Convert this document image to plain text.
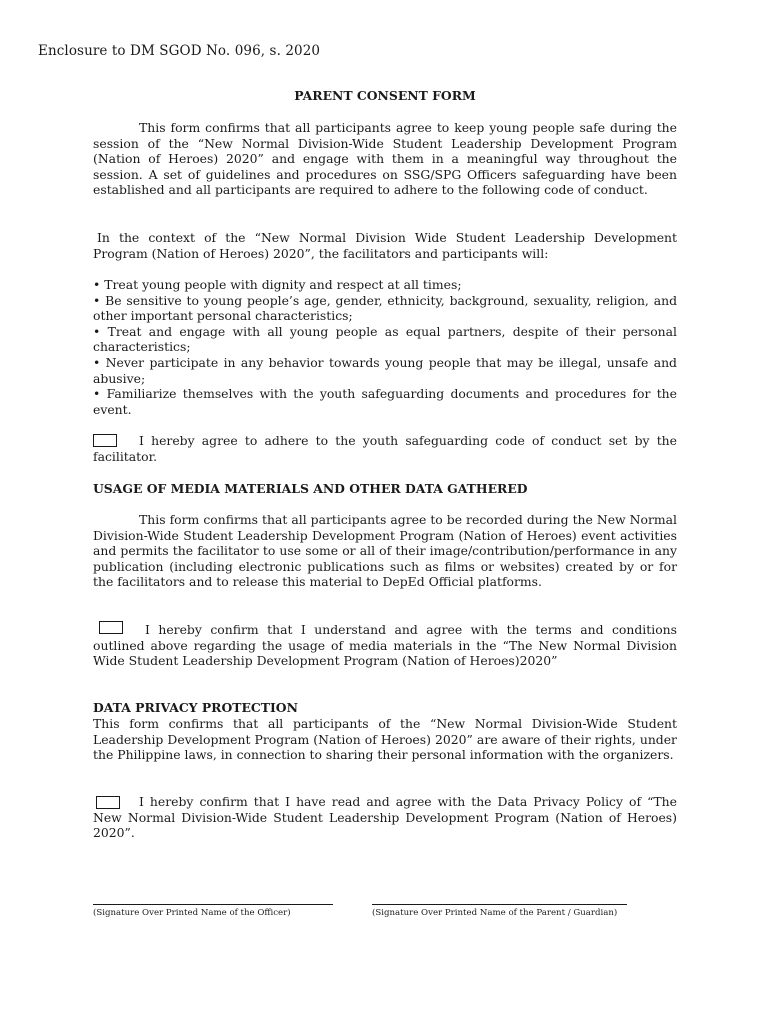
Enclosure to DM SGOD No. 096, s. 2020
PARENT CONSENT FORM
This form confirms that all participants agree to keep young people safe during the session of the “New Normal Division-Wide Student Leadership Development Program (Nation of Heroes) 2020” and engage with them in a meaningful way throughout the session. A set of guidelines and procedures on SSG/SPG Officers safeguarding have been established and all participants are required to adhere to the following code of conduct.
In the context of the “New Normal Division Wide Student Leadership Development Program (Nation of Heroes) 2020”, the facilitators and participants will:
• Treat young people with dignity and respect at all times;
• Be sensitive to young people’s age, gender, ethnicity, background, sexuality, religion, and other important personal characteristics;
• Treat and engage with all young people as equal partners, despite of their personal characteristics;
• Never participate in any behavior towards young people that may be illegal, unsafe and abusive;
• Familiarize themselves with the youth safeguarding documents and procedures for the event.
I hereby agree to adhere to the youth safeguarding code of conduct set by the facilitator.
USAGE OF MEDIA MATERIALS AND OTHER DATA GATHERED
This form confirms that all participants agree to be recorded during the New Normal Division-Wide Student Leadership Development Program (Nation of Heroes) event activities and permits the facilitator to use some or all of their image/contribution/performance in any publication (including electronic publications such as films or websites) created by or for the facilitators and to release this material to DepEd Official platforms.
I hereby confirm that I understand and agree with the terms and conditions outlined above regarding the usage of media materials in the “The New Normal Division Wide Student Leadership Development Program (Nation of Heroes)2020”
DATA PRIVACY PROTECTION
This form confirms that all participants of the “New Normal Division-Wide Student Leadership Development Program (Nation of Heroes) 2020” are aware of their rights, under the Philippine laws, in connection to sharing their personal information with the organizers.
I hereby confirm that I have read and agree with the Data Privacy Policy of “The New Normal Division-Wide Student Leadership Development Program (Nation of Heroes) 2020”.
(Signature Over Printed Name of the Officer)	(Signature Over Printed Name of the Parent / Guardian)
